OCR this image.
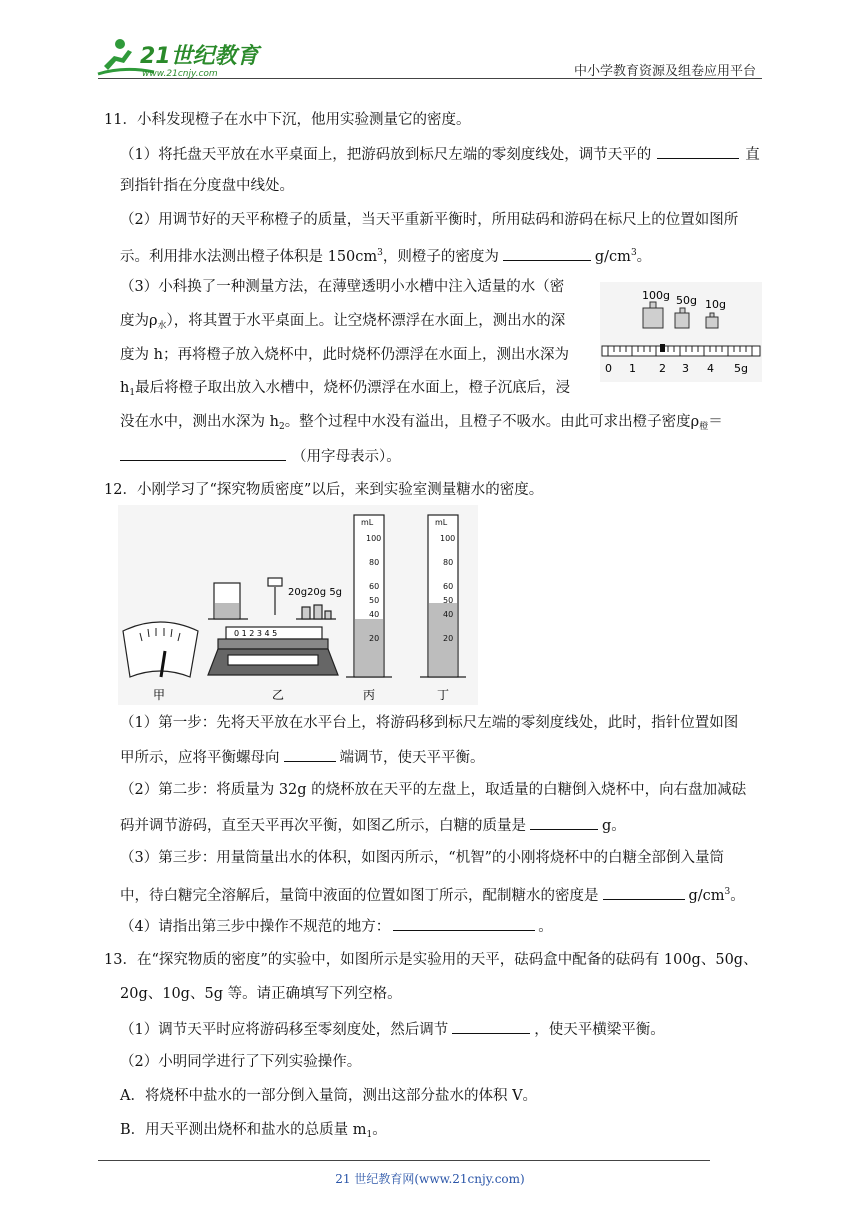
21世纪教育
www.21cnjy.com	中小学教育资源及组卷应用平台
11．小科发现橙子在水中下沉，他用实验测量它的密度。
（1）将托盘天平放在水平桌面上，把游码放到标尺左端的零刻度线处，调节天平的	直
到指针指在分度盘中线处。
（2）用调节好的天平称橙子的质量，当天平重新平衡时，所用砝码和游码在标尺上的位置如图所
示。利用排水法测出橙子体积是 $150cm^3$，则橙子的密度为	$g/cm^3$。
（3）小科换了一种测量方法，在薄壁透明小水槽中注入适量的水（密
度为$\rho_水$），将其置于水平桌面上。让空烧杯漂浮在水面上，测出水的深
度为 h；再将橙子放入烧杯中，此时烧杯仍漂浮在水面上，测出水深为
$h_1$最后将橙子取出放入水槽中，烧杯仍漂浮在水面上，橙子沉底后，浸
没在水中，测出水深为 $h_2$。整个过程中水没有溢出，且橙子不吸水。由此可求出橙子密度$\rho_橙=$
（用字母表示）。
100g 50g 10g
0 1 2 3 4 5g
12．小刚学习了“探究物质密度”以后，来到实验室测量糖水的密度。
甲
20g20g 5g
0 1 2 3 4 5
乙
mL
100
80
60
50
40
20
丙
mL
100
80
60
50
40
20
丁
（1）第一步：先将天平放在水平台上，将游码移到标尺左端的零刻度线处，此时，指针位置如图
甲所示，应将平衡螺母向	端调节，使天平平衡。
（2）第二步：将质量为 32g 的烧杯放在天平的左盘上，取适量的白糖倒入烧杯中，向右盘加减砝
码并调节游码，直至天平再次平衡，如图乙所示，白糖的质量是	g。
（3）第三步：用量筒量出水的体积，如图丙所示，“机智”的小刚将烧杯中的白糖全部倒入量筒
中，待白糖完全溶解后，量筒中液面的位置如图丁所示，配制糖水的密度是	$g/cm^3$。
（4）请指出第三步中操作不规范的地方：	。
13．在“探究物质的密度”的实验中，如图所示是实验用的天平，砝码盒中配备的砝码有 100g、50g、
20g、10g、5g 等。请正确填写下列空格。
（1）调节天平时应将游码移至零刻度处，然后调节	，使天平横梁平衡。
（2）小明同学进行了下列实验操作。
A．将烧杯中盐水的一部分倒入量筒，测出这部分盐水的体积 V。
B．用天平测出烧杯和盐水的总质量 $m_1$。
21 世纪教育网(www.21cnjy.com)
